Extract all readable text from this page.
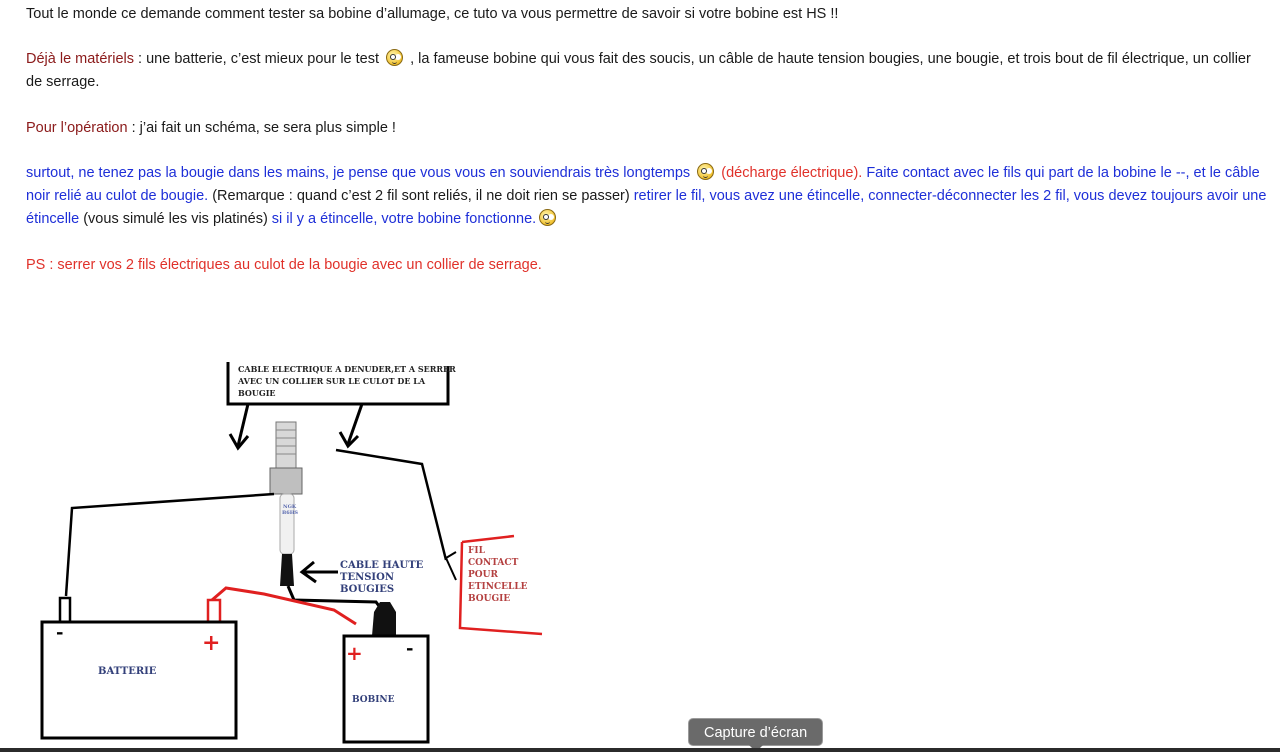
Tout le monde ce demande comment tester sa bobine d’allumage, ce tuto va vous permettre de savoir si votre bobine est HS !!

Déjà le matériels : une batterie, c’est mieux pour le test  , la fameuse bobine qui vous fait des soucis, un câble de haute tension bougies, une bougie, et trois bout de fil électrique, un collier de serrage.

Pour l’opération : j’ai fait un schéma, se sera plus simple !

surtout, ne tenez pas la bougie dans les mains, je pense que vous vous en souviendrais très longtemps  (décharge électrique). Faite contact avec le fils qui part de la bobine le --, et le câble noir relié au culot de bougie. (Remarque : quand c’est 2 fil sont reliés, il ne doit rien se passer) retirer le fil, vous avez une étincelle, connecter-déconnecter les 2 fil, vous devez toujours avoir une étincelle (vous simulé les vis platinés) si il y a étincelle, votre bobine fonctionne.

PS : serrer vos 2 fils électriques au culot de la bougie avec un collier de serrage.

CABLE ELECTRIQUE A DENUDER,ET A SERRER
AVEC UN COLLIER SUR LE CULOT DE LA
BOUGIE
NGK
B6HS
CABLE HAUTE
TENSION
BOUGIES
FIL
CONTACT
POUR
ETINCELLE
BOUGIE
-	+
BATTERIE
+ -
BOBINE
Capture d’écran
